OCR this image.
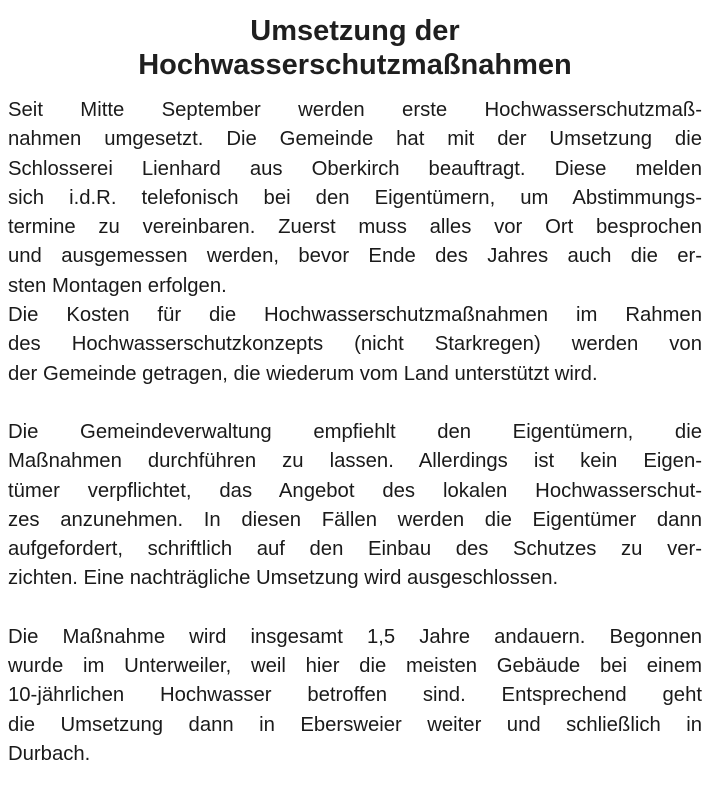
Umsetzung der
Hochwasserschutzmaßnahmen

Seit Mitte September werden erste Hochwasserschutzmaß-
nahmen umgesetzt. Die Gemeinde hat mit der Umsetzung die
Schlosserei Lienhard aus Oberkirch beauftragt. Diese melden
sich i.d.R. telefonisch bei den Eigentümern, um Abstimmungs-
termine zu vereinbaren. Zuerst muss alles vor Ort besprochen
und ausgemessen werden, bevor Ende des Jahres auch die er-
sten Montagen erfolgen.

Die Kosten für die Hochwasserschutzmaßnahmen im Rahmen
des Hochwasserschutzkonzepts (nicht Starkregen) werden von
der Gemeinde getragen, die wiederum vom Land unterstützt wird.

Die Gemeindeverwaltung empfiehlt den Eigentümern, die
Maßnahmen durchführen zu lassen. Allerdings ist kein Eigen-
tümer verpflichtet, das Angebot des lokalen Hochwasserschut-
zes anzunehmen. In diesen Fällen werden die Eigentümer dann
aufgefordert, schriftlich auf den Einbau des Schutzes zu ver-
zichten. Eine nachträgliche Umsetzung wird ausgeschlossen.

Die Maßnahme wird insgesamt 1,5 Jahre andauern. Begonnen
wurde im Unterweiler, weil hier die meisten Gebäude bei einem
10-jährlichen Hochwasser betroffen sind. Entsprechend geht
die Umsetzung dann in Ebersweier weiter und schließlich in
Durbach.
